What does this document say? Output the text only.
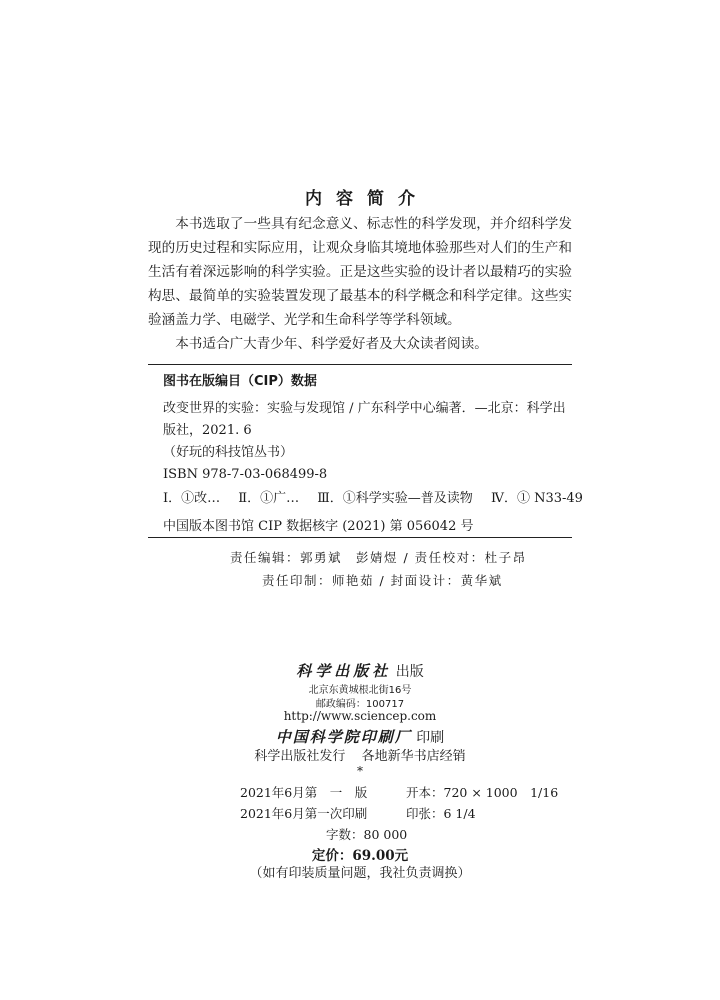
内容简介

本书选取了一些具有纪念意义、标志性的科学发现，并介绍科学发现的历史过程和实际应用，让观众身临其境地体验那些对人们的生产和生活有着深远影响的科学实验。正是这些实验的设计者以最精巧的实验构思、最简单的实验装置发现了最基本的科学概念和科学定律。这些实验涵盖力学、电磁学、光学和生命科学等学科领域。

本书适合广大青少年、科学爱好者及大众读者阅读。

图书在版编目（CIP）数据
改变世界的实验：实验与发现馆 / 广东科学中心编著．—北京：科学出
版社，2021. 6
（好玩的科技馆丛书）
ISBN 978-7-03-068499-8
Ⅰ．①改… Ⅱ．①广… Ⅲ．①科学实验—普及读物 Ⅳ．① N33-49
中国版本图书馆 CIP 数据核字 (2021) 第 056042 号
责任编辑：郭勇斌　彭婧煜 / 责任校对：杜子昂
责任印制：师艳茹 / 封面设计：黄华斌
科学出版社 出版
北京东黄城根北街16号
邮政编码：100717
http://www.sciencep.com
中国科学院印刷厂 印刷
科学出版社发行 各地新华书店经销
*
2021年6月第　一　版	开本：720 × 1000　1/16
2021年6月第一次印刷	印张：6 1/4
字数：80 000
定价：69.00元
（如有印装质量问题，我社负责调换）
